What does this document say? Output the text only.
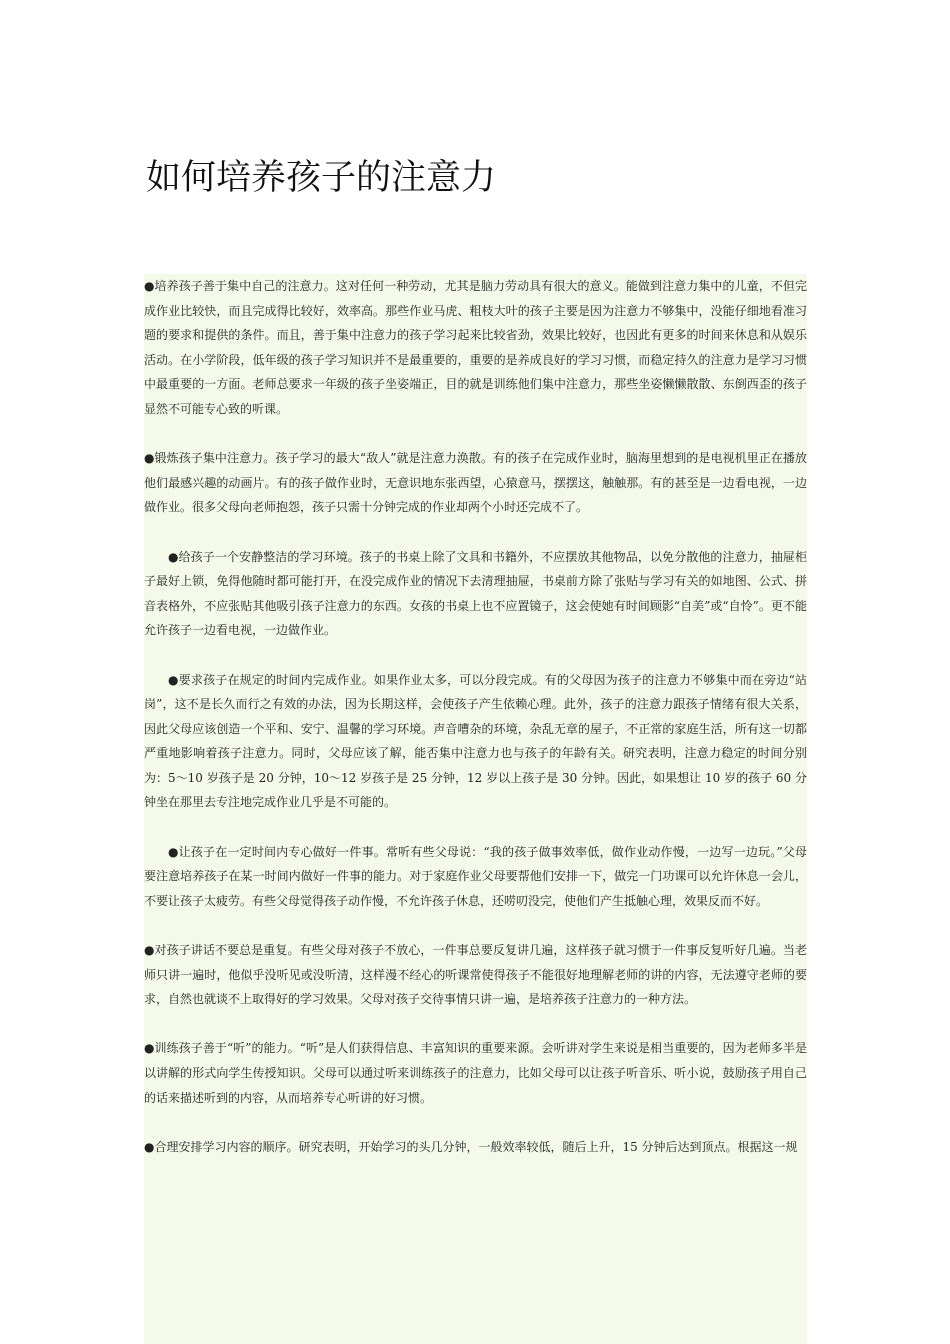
如何培养孩子的注意力

●培养孩子善于集中自己的注意力。这对任何一种劳动，尤其是脑力劳动具有很大的意义。能做到注意力集中的儿童，不但完成作业比较快，而且完成得比较好，效率高。那些作业马虎、粗枝大叶的孩子主要是因为注意力不够集中，没能仔细地看准习题的要求和提供的条件。而且，善于集中注意力的孩子学习起来比较省劲，效果比较好，也因此有更多的时间来休息和从娱乐活动。在小学阶段，低年级的孩子学习知识并不是最重要的，重要的是养成良好的学习习惯，而稳定持久的注意力是学习习惯中最重要的一方面。老师总要求一年级的孩子坐姿端正，目的就是训练他们集中注意力，那些坐姿懒懒散散、东倒西歪的孩子显然不可能专心致的听课。

●锻炼孩子集中注意力。孩子学习的最大“敌人”就是注意力涣散。有的孩子在完成作业时，脑海里想到的是电视机里正在播放他们最感兴趣的动画片。有的孩子做作业时，无意识地东张西望，心猿意马，摆摆这，触触那。有的甚至是一边看电视，一边做作业。很多父母向老师抱怨，孩子只需十分钟完成的作业却两个小时还完成不了。

●给孩子一个安静整洁的学习环境。孩子的书桌上除了文具和书籍外，不应摆放其他物品，以免分散他的注意力，抽屉柜子最好上锁，免得他随时都可能打开，在没完成作业的情况下去清理抽屉，书桌前方除了张贴与学习有关的如地图、公式、拼音表格外，不应张贴其他吸引孩子注意力的东西。女孩的书桌上也不应置镜子，这会使她有时间顾影“自美”或“自怜”。更不能允许孩子一边看电视，一边做作业。

●要求孩子在规定的时间内完成作业。如果作业太多，可以分段完成。有的父母因为孩子的注意力不够集中而在旁边“站岗”，这不是长久而行之有效的办法，因为长期这样，会使孩子产生依赖心理。此外，孩子的注意力跟孩子情绪有很大关系，因此父母应该创造一个平和、安宁、温馨的学习环境。声音嘈杂的环境，杂乱无章的屋子，不正常的家庭生活，所有这一切都严重地影响着孩子注意力。同时，父母应该了解，能否集中注意力也与孩子的年龄有关。研究表明，注意力稳定的时间分别为：5～10 岁孩子是 20 分钟，10～12 岁孩子是 25 分钟，12 岁以上孩子是 30 分钟。因此，如果想让 10 岁的孩子 60 分钟坐在那里去专注地完成作业几乎是不可能的。

●让孩子在一定时间内专心做好一件事。常听有些父母说：“我的孩子做事效率低，做作业动作慢，一边写一边玩。”父母要注意培养孩子在某一时间内做好一件事的能力。对于家庭作业父母要帮他们安排一下，做完一门功课可以允许休息一会儿，不要让孩子太疲劳。有些父母觉得孩子动作慢，不允许孩子休息，还唠叨没完，使他们产生抵触心理，效果反而不好。

●对孩子讲话不要总是重复。有些父母对孩子不放心，一件事总要反复讲几遍，这样孩子就习惯于一件事反复听好几遍。当老师只讲一遍时，他似乎没听见或没听清，这样漫不经心的听课常使得孩子不能很好地理解老师的讲的内容，无法遵守老师的要求，自然也就谈不上取得好的学习效果。父母对孩子交待事情只讲一遍，是培养孩子注意力的一种方法。

●训练孩子善于“听”的能力。“听”是人们获得信息、丰富知识的重要来源。会听讲对学生来说是相当重要的，因为老师多半是以讲解的形式向学生传授知识。父母可以通过听来训练孩子的注意力，比如父母可以让孩子听音乐、听小说，鼓励孩子用自己的话来描述听到的内容，从而培养专心听讲的好习惯。

●合理安排学习内容的顺序。研究表明，开始学习的头几分钟，一般效率较低，随后上升，15 分钟后达到顶点。根据这一规
